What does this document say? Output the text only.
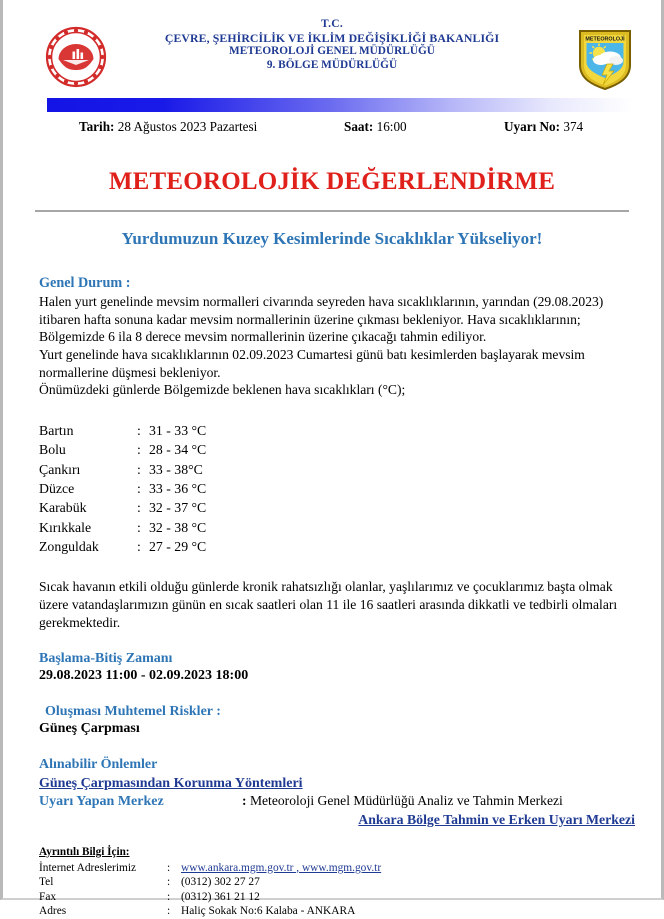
T.C.
ÇEVRE, ŞEHİRCİLİK VE İKLİM DEĞİŞİKLİĞİ BAKANLIĞI
METEOROLOJİ GENEL MÜDÜRLÜĞÜ
9. BÖLGE MÜDÜRLÜĞÜ
METEOROLOJİ
Tarih: 28 Ağustos 2023 Pazartesi	Saat: 16:00	Uyarı No: 374
METEOROLOJİK DEĞERLENDİRME
Yurdumuzun Kuzey Kesimlerinde Sıcaklıklar Yükseliyor!
Genel Durum :

Halen yurt genelinde mevsim normalleri civarında seyreden hava sıcaklıklarının, yarından (29.08.2023) itibaren hafta sonuna kadar mevsim normallerinin üzerine çıkması bekleniyor. Hava sıcaklıklarının; Bölgemizde 6 ila 8 derece mevsim normallerinin üzerine çıkacağı tahmin ediliyor.

Yurt genelinde hava sıcaklıklarının 02.09.2023 Cumartesi günü batı kesimlerden başlayarak mevsim normallerine düşmesi bekleniyor.

Önümüzdeki günlerde Bölgemizde beklenen hava sıcaklıkları (°C);

Bartın	: 31 - 33 °C
Bolu	: 28 - 34 °C
Çankırı	: 33 - 38°C
Düzce	: 33 - 36 °C
Karabük	: 32 - 37 °C
Kırıkkale	: 32 - 38 °C
Zonguldak	: 27 - 29 °C
Sıcak havanın etkili olduğu günlerde kronik rahatsızlığı olanlar, yaşlılarımız ve çocuklarımız başta olmak üzere vatandaşlarımızın günün en sıcak saatleri olan 11 ile 16 saatleri arasında dikkatli ve tedbirli olmaları gerekmektedir.
Başlama-Bitiş Zamanı
29.08.2023 11:00 - 02.09.2023 18:00
Oluşması Muhtemel Riskler :
Güneş Çarpması
Alınabilir Önlemler
Güneş Çarpmasından Korunma Yöntemleri
Uyarı Yapan Merkez	: Meteoroloji Genel Müdürlüğü Analiz ve Tahmin Merkezi
Ankara Bölge Tahmin ve Erken Uyarı Merkezi
Ayrıntılı Bilgi İçin:
İnternet Adreslerimiz	: www.ankara.mgm.gov.tr , www.mgm.gov.tr
Tel	: (0312) 302 27 27
Fax	: (0312) 361 21 12
Adres	: Haliç Sokak No:6 Kalaba - ANKARA
